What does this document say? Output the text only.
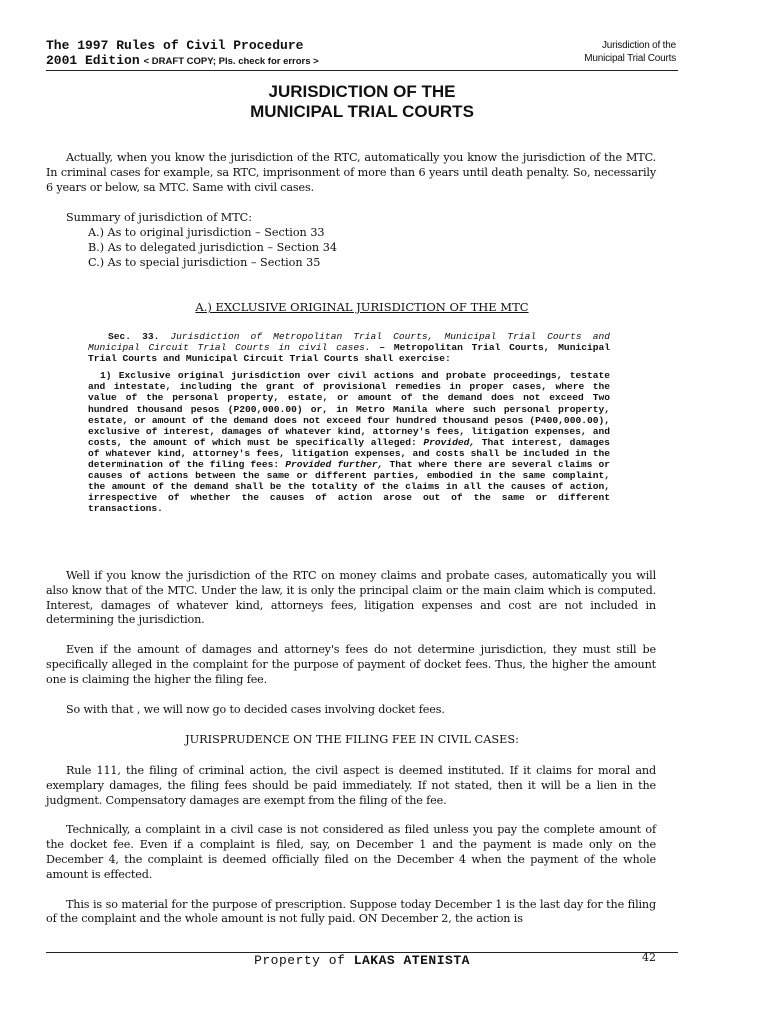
The 1997 Rules of Civil Procedure
2001 Edition < DRAFT COPY; Pls. check for errors >
Jurisdiction of the
Municipal Trial Courts
JURISDICTION OF THE
MUNICIPAL TRIAL COURTS

Actually, when you know the jurisdiction of the RTC, automatically you know the jurisdiction of the MTC. In criminal cases for example, sa RTC, imprisonment of more than 6 years until death penalty. So, necessarily 6 years or below, sa MTC. Same with civil cases.

Summary of jurisdiction of MTC:
A.) As to original jurisdiction – Section 33
B.) As to delegated jurisdiction – Section 34
C.) As to special jurisdiction – Section 35
A.) EXCLUSIVE ORIGINAL JURISDICTION OF THE MTC

Sec. 33. Jurisdiction of Metropolitan Trial Courts, Municipal Trial Courts and Municipal Circuit Trial Courts in civil cases. – Metropolitan Trial Courts, Municipal Trial Courts and Municipal Circuit Trial Courts shall exercise:

1) Exclusive original jurisdiction over civil actions and probate proceedings, testate and intestate, including the grant of provisional remedies in proper cases, where the value of the personal property, estate, or amount of the demand does not exceed Two hundred thousand pesos (P200,000.00) or, in Metro Manila where such personal property, estate, or amount of the demand does not exceed four hundred thousand pesos (P400,000.00), exclusive of interest, damages of whatever kind, attorney's fees, litigation expenses, and costs, the amount of which must be specifically alleged: Provided, That interest, damages of whatever kind, attorney's fees, litigation expenses, and costs shall be included in the determination of the filing fees: Provided further, That where there are several claims or causes of actions between the same or different parties, embodied in the same complaint, the amount of the demand shall be the totality of the claims in all the causes of action, irrespective of whether the causes of action arose out of the same or different transactions.

Well if you know the jurisdiction of the RTC on money claims and probate cases, automatically you will also know that of the MTC. Under the law, it is only the principal claim or the main claim which is computed. Interest, damages of whatever kind, attorneys fees, litigation expenses and cost are not included in determining the jurisdiction.

Even if the amount of damages and attorney's fees do not determine jurisdiction, they must still be specifically alleged in the complaint for the purpose of payment of docket fees. Thus, the higher the amount one is claiming the higher the filing fee.

So with that , we will now go to decided cases involving docket fees.

JURISPRUDENCE ON THE FILING FEE IN CIVIL CASES:

Rule 111, the filing of criminal action, the civil aspect is deemed instituted. If it claims for moral and exemplary damages, the filing fees should be paid immediately. If not stated, then it will be a lien in the judgment. Compensatory damages are exempt from the filing of the fee.

Technically, a complaint in a civil case is not considered as filed unless you pay the complete amount of the docket fee. Even if a complaint is filed, say, on December 1 and the payment is made only on the December 4, the complaint is deemed officially filed on the December 4 when the payment of the whole amount is effected.

This is so material for the purpose of prescription. Suppose today December 1 is the last day for the filing of the complaint and the whole amount is not fully paid. ON December 2, the action is

Property of LAKAS ATENISTA	42
